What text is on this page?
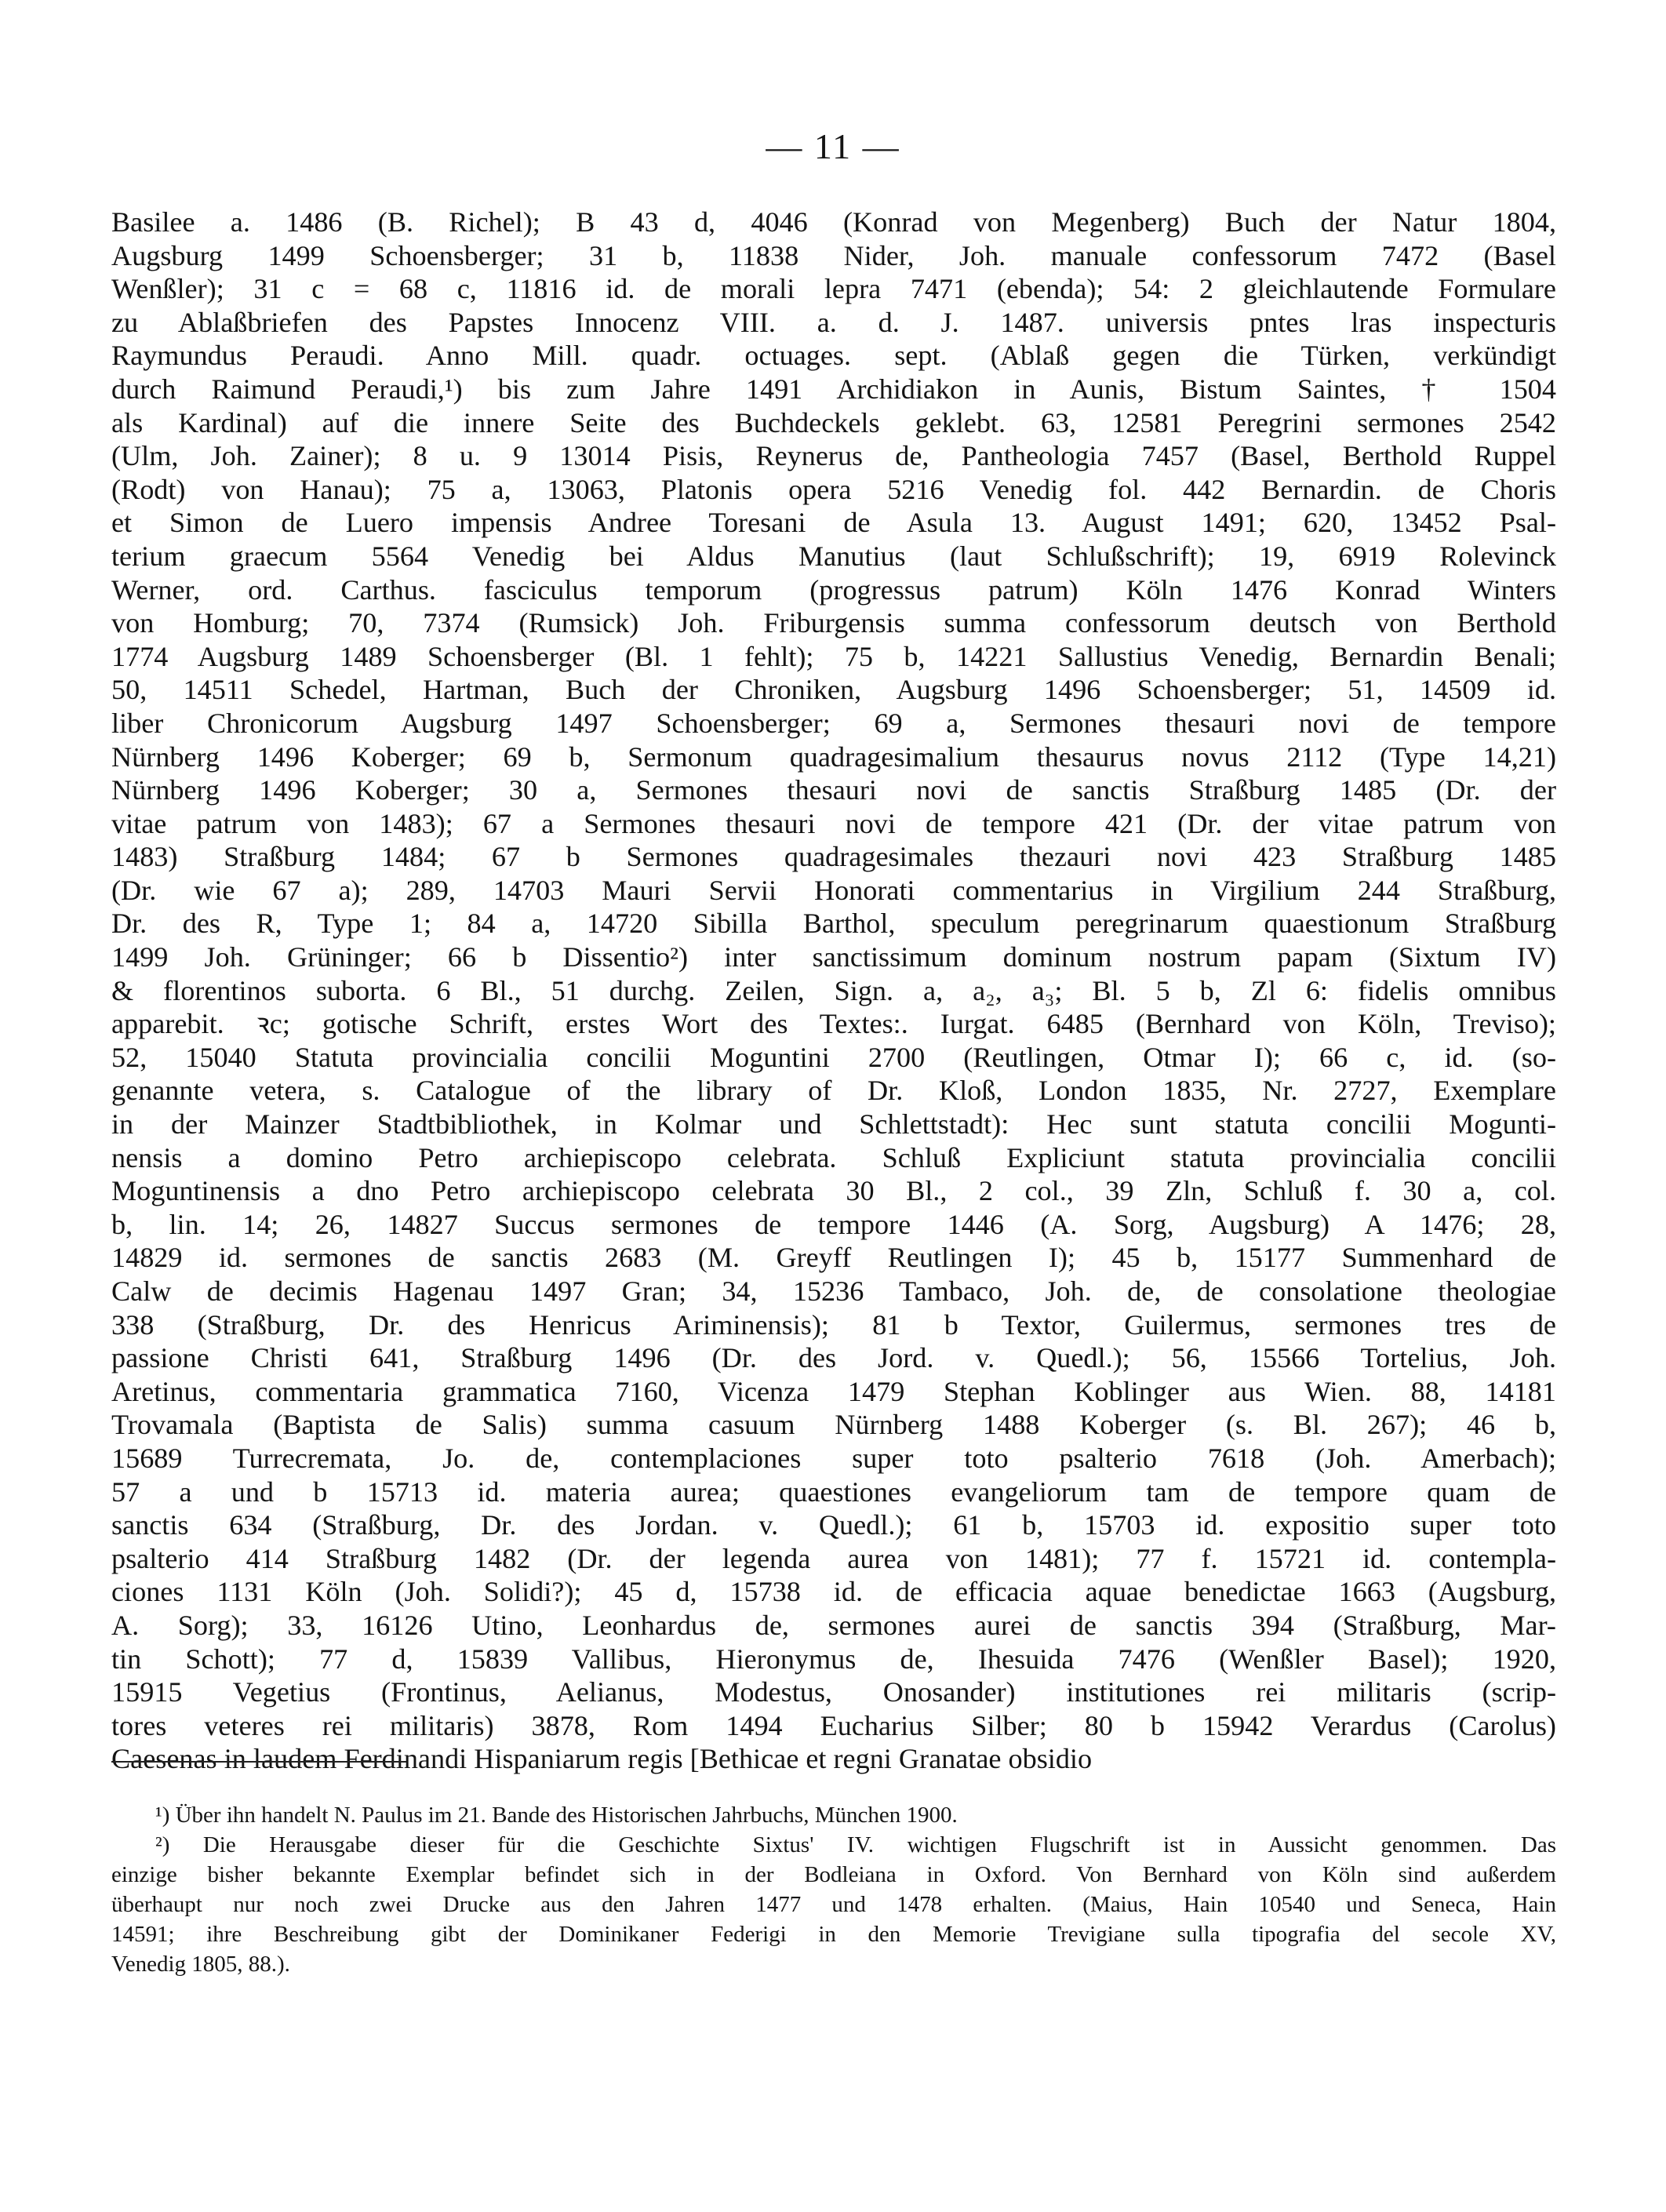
— 11 —
Basilee a. 1486 (B. Richel); B 43 d, 4046 (Konrad von Megenberg) Buch der Natur 1804,
Augsburg 1499 Schoensberger; 31 b, 11838 Nider, Joh. manuale confessorum 7472 (Basel
Wenßler); 31 c = 68 c, 11816 id. de morali lepra 7471 (ebenda); 54: 2 gleichlautende Formulare
zu Ablaßbriefen des Papstes Innocenz VIII. a. d. J. 1487. universis pntes lras inspecturis
Raymundus Peraudi. Anno Mill. quadr. octuages. sept. (Ablaß gegen die Türken, verkündigt
durch Raimund Peraudi,¹) bis zum Jahre 1491 Archidiakon in Aunis, Bistum Saintes, † 1504
als Kardinal) auf die innere Seite des Buchdeckels geklebt. 63, 12581 Peregrini sermones 2542
(Ulm, Joh. Zainer); 8 u. 9 13014 Pisis, Reynerus de, Pantheologia 7457 (Basel, Berthold Ruppel
(Rodt) von Hanau); 75 a, 13063, Platonis opera 5216 Venedig fol. 442 Bernardin. de Choris
et Simon de Luero impensis Andree Toresani de Asula 13. August 1491; 620, 13452 Psal-
terium graecum 5564 Venedig bei Aldus Manutius (laut Schlußschrift); 19, 6919 Rolevinck
Werner, ord. Carthus. fasciculus temporum (progressus patrum) Köln 1476 Konrad Winters
von Homburg; 70, 7374 (Rumsick) Joh. Friburgensis summa confessorum deutsch von Berthold
1774 Augsburg 1489 Schoensberger (Bl. 1 fehlt); 75 b, 14221 Sallustius Venedig, Bernardin Benali;
50, 14511 Schedel, Hartman, Buch der Chroniken, Augsburg 1496 Schoensberger; 51, 14509 id.
liber Chronicorum Augsburg 1497 Schoensberger; 69 a, Sermones thesauri novi de tempore
Nürnberg 1496 Koberger; 69 b, Sermonum quadragesimalium thesaurus novus 2112 (Type 14,21)
Nürnberg 1496 Koberger; 30 a, Sermones thesauri novi de sanctis Straßburg 1485 (Dr. der
vitae patrum von 1483); 67 a Sermones thesauri novi de tempore 421 (Dr. der vitae patrum von
1483) Straßburg 1484; 67 b Sermones quadragesimales thezauri novi 423 Straßburg 1485
(Dr. wie 67 a); 289, 14703 Mauri Servii Honorati commentarius in Virgilium 244 Straßburg,
Dr. des R, Type 1; 84 a, 14720 Sibilla Barthol, speculum peregrinarum quaestionum Straßburg
1499 Joh. Grüninger; 66 b Dissentio²) inter sanctissimum dominum nostrum papam (Sixtum IV)
& florentinos suborta. 6 Bl., 51 durchg. Zeilen, Sign. a, a₂, a₃; Bl. 5 b, Zl 6: fidelis omnibus
apparebit. ꝛc; gotische Schrift, erstes Wort des Textes:. Iurgat. 6485 (Bernhard von Köln, Treviso);
52, 15040 Statuta provincialia concilii Moguntini 2700 (Reutlingen, Otmar I); 66 c, id. (so-
genannte vetera, s. Catalogue of the library of Dr. Kloß, London 1835, Nr. 2727, Exemplare
in der Mainzer Stadtbibliothek, in Kolmar und Schlettstadt): Hec sunt statuta concilii Mogunti-
nensis a domino Petro archiepiscopo celebrata. Schluß Expliciunt statuta provincialia concilii
Moguntinensis a dno Petro archiepiscopo celebrata 30 Bl., 2 col., 39 Zln, Schluß f. 30 a, col.
b, lin. 14; 26, 14827 Succus sermones de tempore 1446 (A. Sorg, Augsburg) A 1476; 28,
14829 id. sermones de sanctis 2683 (M. Greyff Reutlingen I); 45 b, 15177 Summenhard de
Calw de decimis Hagenau 1497 Gran; 34, 15236 Tambaco, Joh. de, de consolatione theologiae
338 (Straßburg, Dr. des Henricus Ariminensis); 81 b Textor, Guilermus, sermones tres de
passione Christi 641, Straßburg 1496 (Dr. des Jord. v. Quedl.); 56, 15566 Tortelius, Joh.
Aretinus, commentaria grammatica 7160, Vicenza 1479 Stephan Koblinger aus Wien. 88, 14181
Trovamala (Baptista de Salis) summa casuum Nürnberg 1488 Koberger (s. Bl. 267); 46 b,
15689 Turrecremata, Jo. de, contemplaciones super toto psalterio 7618 (Joh. Amerbach);
57 a und b 15713 id. materia aurea; quaestiones evangeliorum tam de tempore quam de
sanctis 634 (Straßburg, Dr. des Jordan. v. Quedl.); 61 b, 15703 id. expositio super toto
psalterio 414 Straßburg 1482 (Dr. der legenda aurea von 1481); 77 f. 15721 id. contempla-
ciones 1131 Köln (Joh. Solidi?); 45 d, 15738 id. de efficacia aquae benedictae 1663 (Augsburg,
A. Sorg); 33, 16126 Utino, Leonhardus de, sermones aurei de sanctis 394 (Straßburg, Mar-
tin Schott); 77 d, 15839 Vallibus, Hieronymus de, Ihesuida 7476 (Wenßler Basel); 1920,
15915 Vegetius (Frontinus, Aelianus, Modestus, Onosander) institutiones rei militaris (scrip-
tores veteres rei militaris) 3878, Rom 1494 Eucharius Silber; 80 b 15942 Verardus (Carolus)
Caesenas in laudem Ferdinandi Hispaniarum regis [Bethicae et regni Granatae obsidio
¹) Über ihn handelt N. Paulus im 21. Bande des Historischen Jahrbuchs, München 1900.
²) Die Herausgabe dieser für die Geschichte Sixtus' IV. wichtigen Flugschrift ist in Aussicht genommen. Das
einzige bisher bekannte Exemplar befindet sich in der Bodleiana in Oxford. Von Bernhard von Köln sind außerdem
überhaupt nur noch zwei Drucke aus den Jahren 1477 und 1478 erhalten. (Maius, Hain 10540 und Seneca, Hain
14591; ihre Beschreibung gibt der Dominikaner Federigi in den Memorie Trevigiane sulla tipografia del secole XV,
Venedig 1805, 88.).
